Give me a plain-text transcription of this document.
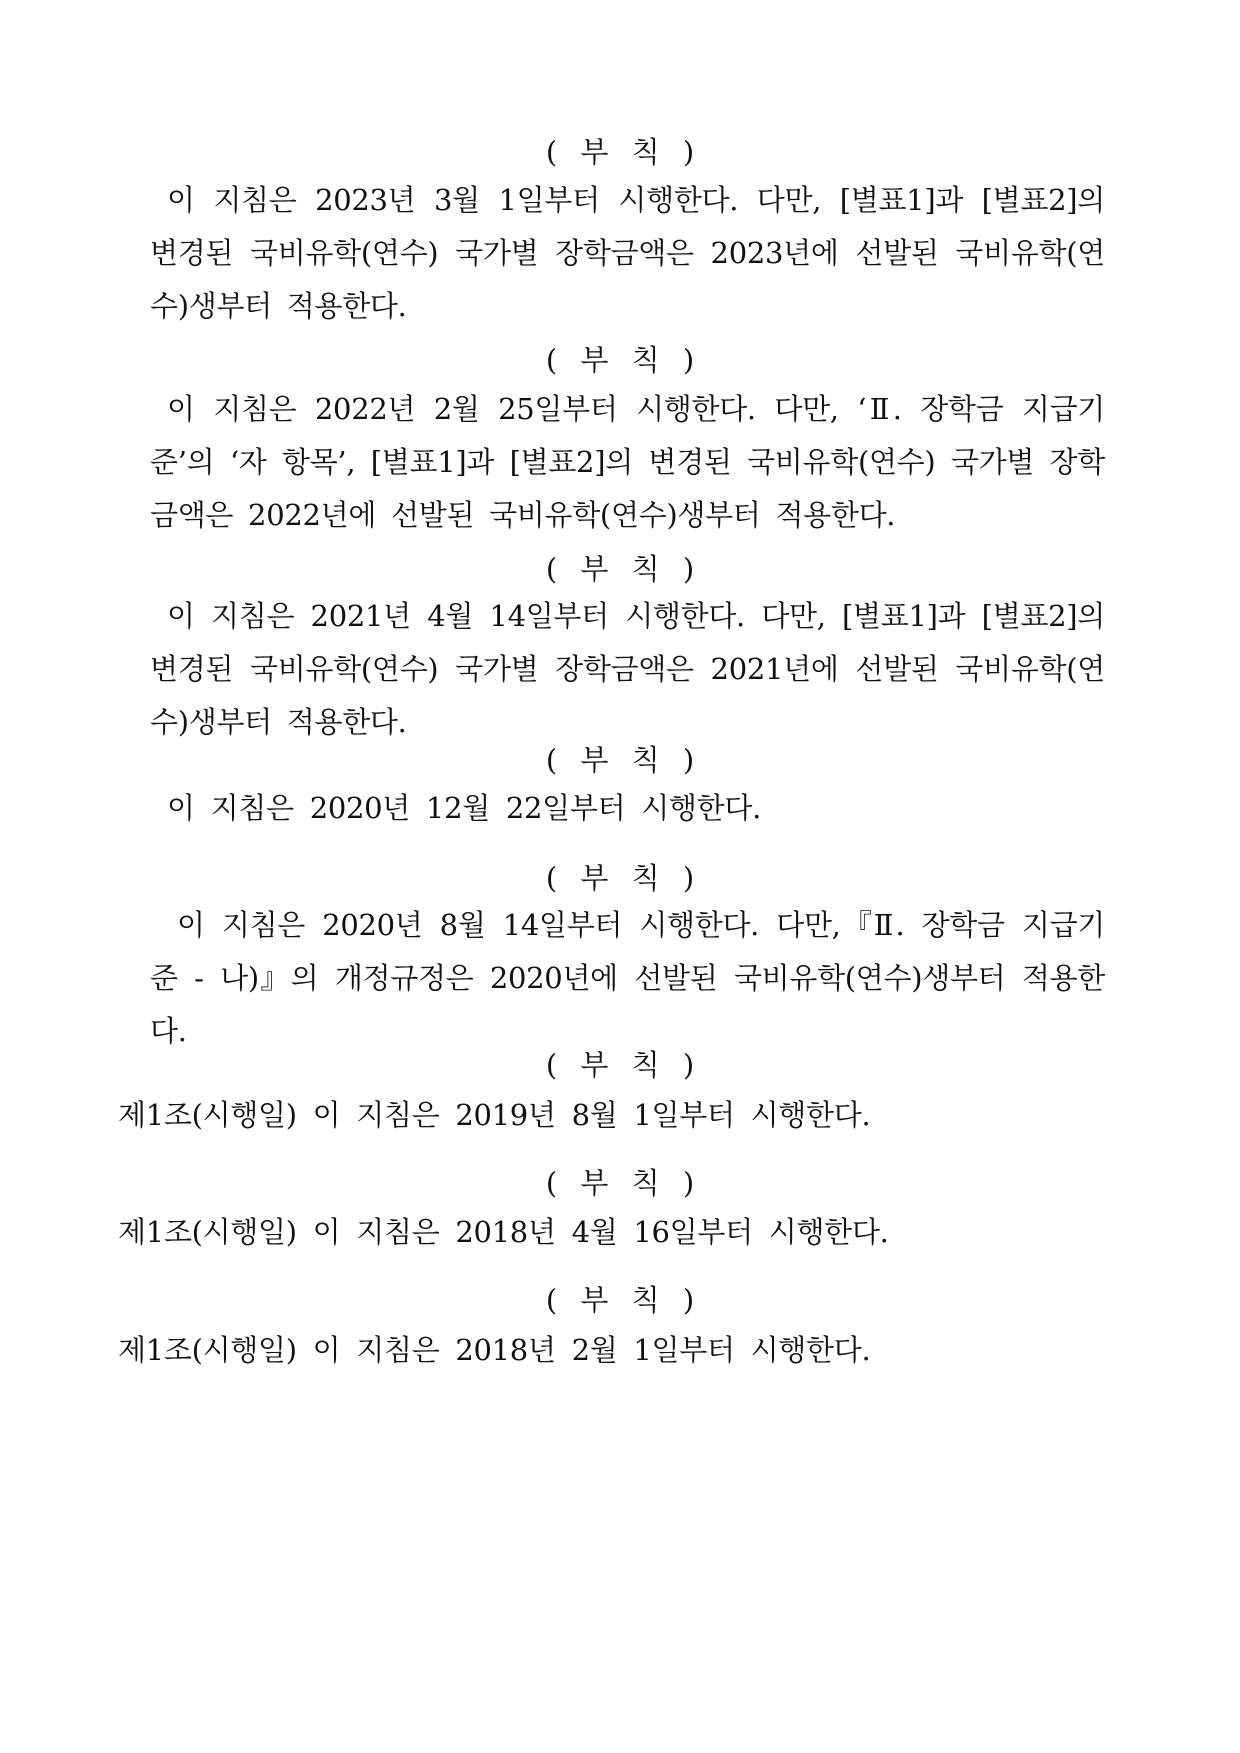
( 부 칙 )

이 지침은 2023년 3월 1일부터 시행한다. 다만, [별표1]과 [별표2]의 변경된 국비유학(연수) 국가별 장학금액은 2023년에 선발된 국비유학(연수)생부터 적용한다.

( 부 칙 )

이 지침은 2022년 2월 25일부터 시행한다. 다만, ‘Ⅱ. 장학금 지급기준’의 ‘자 항목’, [별표1]과 [별표2]의 변경된 국비유학(연수) 국가별 장학금액은 2022년에 선발된 국비유학(연수)생부터 적용한다.

( 부 칙 )

이 지침은 2021년 4월 14일부터 시행한다. 다만, [별표1]과 [별표2]의 변경된 국비유학(연수) 국가별 장학금액은 2021년에 선발된 국비유학(연수)생부터 적용한다.

( 부 칙 )
이 지침은 2020년 12월 22일부터 시행한다.
( 부 칙 )

이 지침은 2020년 8월 14일부터 시행한다. 다만,『Ⅱ. 장학금 지급기준 - 나)』의 개정규정은 2020년에 선발된 국비유학(연수)생부터 적용한다.

( 부 칙 )
제1조(시행일) 이 지침은 2019년 8월 1일부터 시행한다.
( 부 칙 )
제1조(시행일) 이 지침은 2018년 4월 16일부터 시행한다.
( 부 칙 )
제1조(시행일) 이 지침은 2018년 2월 1일부터 시행한다.
